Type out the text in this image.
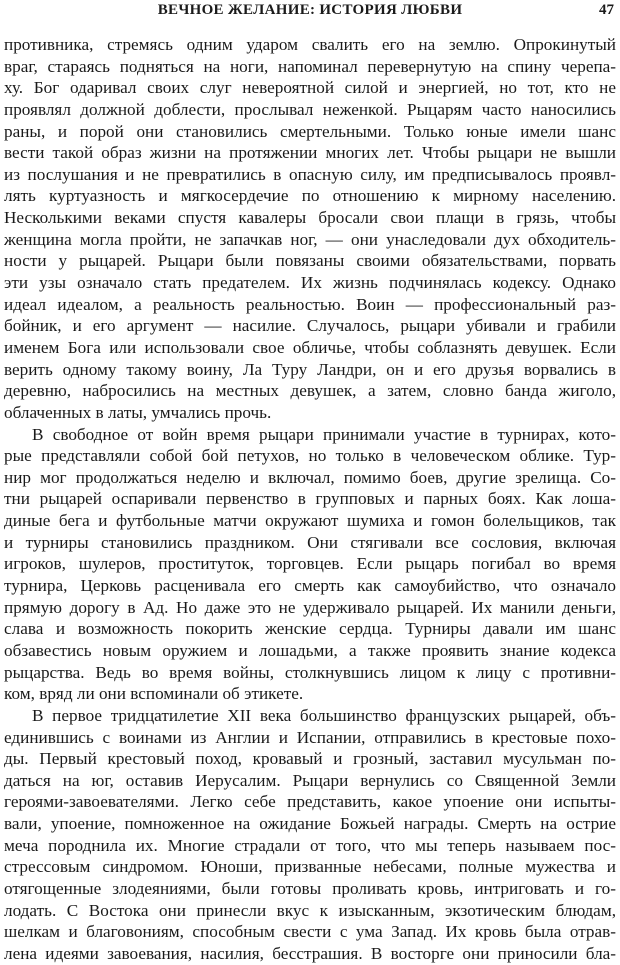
ВЕЧНОЕ ЖЕЛАНИЕ: ИСТОРИЯ ЛЮБВИ	47
противника, стремясь одним ударом свалить его на землю. Опрокинутый
враг, стараясь подняться на ноги, напоминал перевернутую на спину черепа-
ху. Бог одаривал своих слуг невероятной силой и энергией, но тот, кто не
проявлял должной доблести, прослывал неженкой. Рыцарям часто наносились
раны, и порой они становились смертельными. Только юные имели шанс
вести такой образ жизни на протяжении многих лет. Чтобы рыцари не вышли
из послушания и не превратились в опасную силу, им предписывалось проявл-
лять куртуазность и мягкосердечие по отношению к мирному населению.
Несколькими веками спустя кавалеры бросали свои плащи в грязь, чтобы
женщина могла пройти, не запачкав ног, — они унаследовали дух обходитель-
ности у рыцарей. Рыцари были повязаны своими обязательствами, порвать
эти узы означало стать предателем. Их жизнь подчинялась кодексу. Однако
идеал идеалом, а реальность реальностью. Воин — профессиональный раз-
бойник, и его аргумент — насилие. Случалось, рыцари убивали и грабили
именем Бога или использовали свое обличье, чтобы соблазнять девушек. Если
верить одному такому воину, Ла Туру Ландри, он и его друзья ворвались в
деревню, набросились на местных девушек, а затем, словно банда жиголо,
облаченных в латы, умчались прочь.
В свободное от войн время рыцари принимали участие в турнирах, кото-
рые представляли собой бой петухов, но только в человеческом облике. Тур-
нир мог продолжаться неделю и включал, помимо боев, другие зрелища. Со-
тни рыцарей оспаривали первенство в групповых и парных боях. Как лоша-
диные бега и футбольные матчи окружают шумиха и гомон болельщиков, так
и турниры становились праздником. Они стягивали все сословия, включая
игроков, шулеров, проституток, торговцев. Если рыцарь погибал во время
турнира, Церковь расценивала его смерть как самоубийство, что означало
прямую дорогу в Ад. Но даже это не удерживало рыцарей. Их манили деньги,
слава и возможность покорить женские сердца. Турниры давали им шанс
обзавестись новым оружием и лошадьми, а также проявить знание кодекса
рыцарства. Ведь во время войны, столкнувшись лицом к лицу с противни-
ком, вряд ли они вспоминали об этикете.
В первое тридцатилетие XII века большинство французских рыцарей, объ-
единившись с воинами из Англии и Испании, отправились в крестовые похо-
ды. Первый крестовый поход, кровавый и грозный, заставил мусульман по-
даться на юг, оставив Иерусалим. Рыцари вернулись со Священной Земли
героями-завоевателями. Легко себе представить, какое упоение они испыты-
вали, упоение, помноженное на ожидание Божьей награды. Смерть на острие
меча породнила их. Многие страдали от того, что мы теперь называем пос-
стрессовым синдромом. Юноши, призванные небесами, полные мужества и
отягощенные злодеяниями, были готовы проливать кровь, интриговать и го-
лодать. С Востока они принесли вкус к изысканным, экзотическим блюдам,
шелкам и благовониям, способным свести с ума Запад. Их кровь была отрав-
лена идеями завоевания, насилия, бесстрашия. В восторге они приносили бла-
